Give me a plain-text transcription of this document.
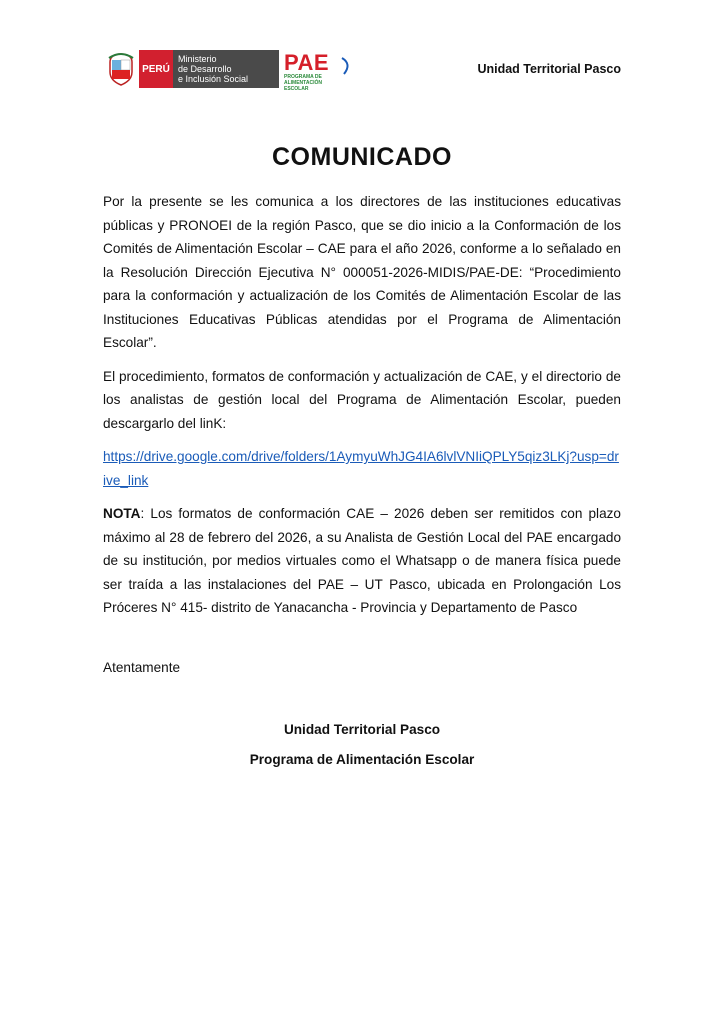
PERÚ
Ministerio
de Desarrollo
e Inclusión Social
PAE
PROGRAMA DE ALIMENTACIÓN ESCOLAR
Unidad Territorial Pasco
COMUNICADO

Por la presente se les comunica a los directores de las instituciones educativas públicas y PRONOEI de la región Pasco, que se dio inicio a la Conformación de los Comités de Alimentación Escolar – CAE para el año 2026, conforme a lo señalado en la Resolución Dirección Ejecutiva N° 000051-2026-MIDIS/PAE-DE: “Procedimiento para la conformación y actualización de los Comités de Alimentación Escolar de las Instituciones Educativas Públicas atendidas por el Programa de Alimentación Escolar”.

El procedimiento, formatos de conformación y actualización de CAE, y el directorio de los analistas de gestión local del Programa de Alimentación Escolar, pueden descargarlo del linK:

https://drive.google.com/drive/folders/1AymyuWhJG4IA6lvlVNIiQPLY5qiz3LKj?usp=drive_link

NOTA: Los formatos de conformación CAE – 2026 deben ser remitidos con plazo máximo al 28 de febrero del 2026, a su Analista de Gestión Local del PAE encargado de su institución, por medios virtuales como el Whatsapp o de manera física puede ser traída a las instalaciones del PAE – UT Pasco, ubicada en Prolongación Los Próceres N° 415- distrito de Yanacancha - Provincia y Departamento de Pasco

Atentamente
Unidad Territorial Pasco
Programa de Alimentación Escolar
